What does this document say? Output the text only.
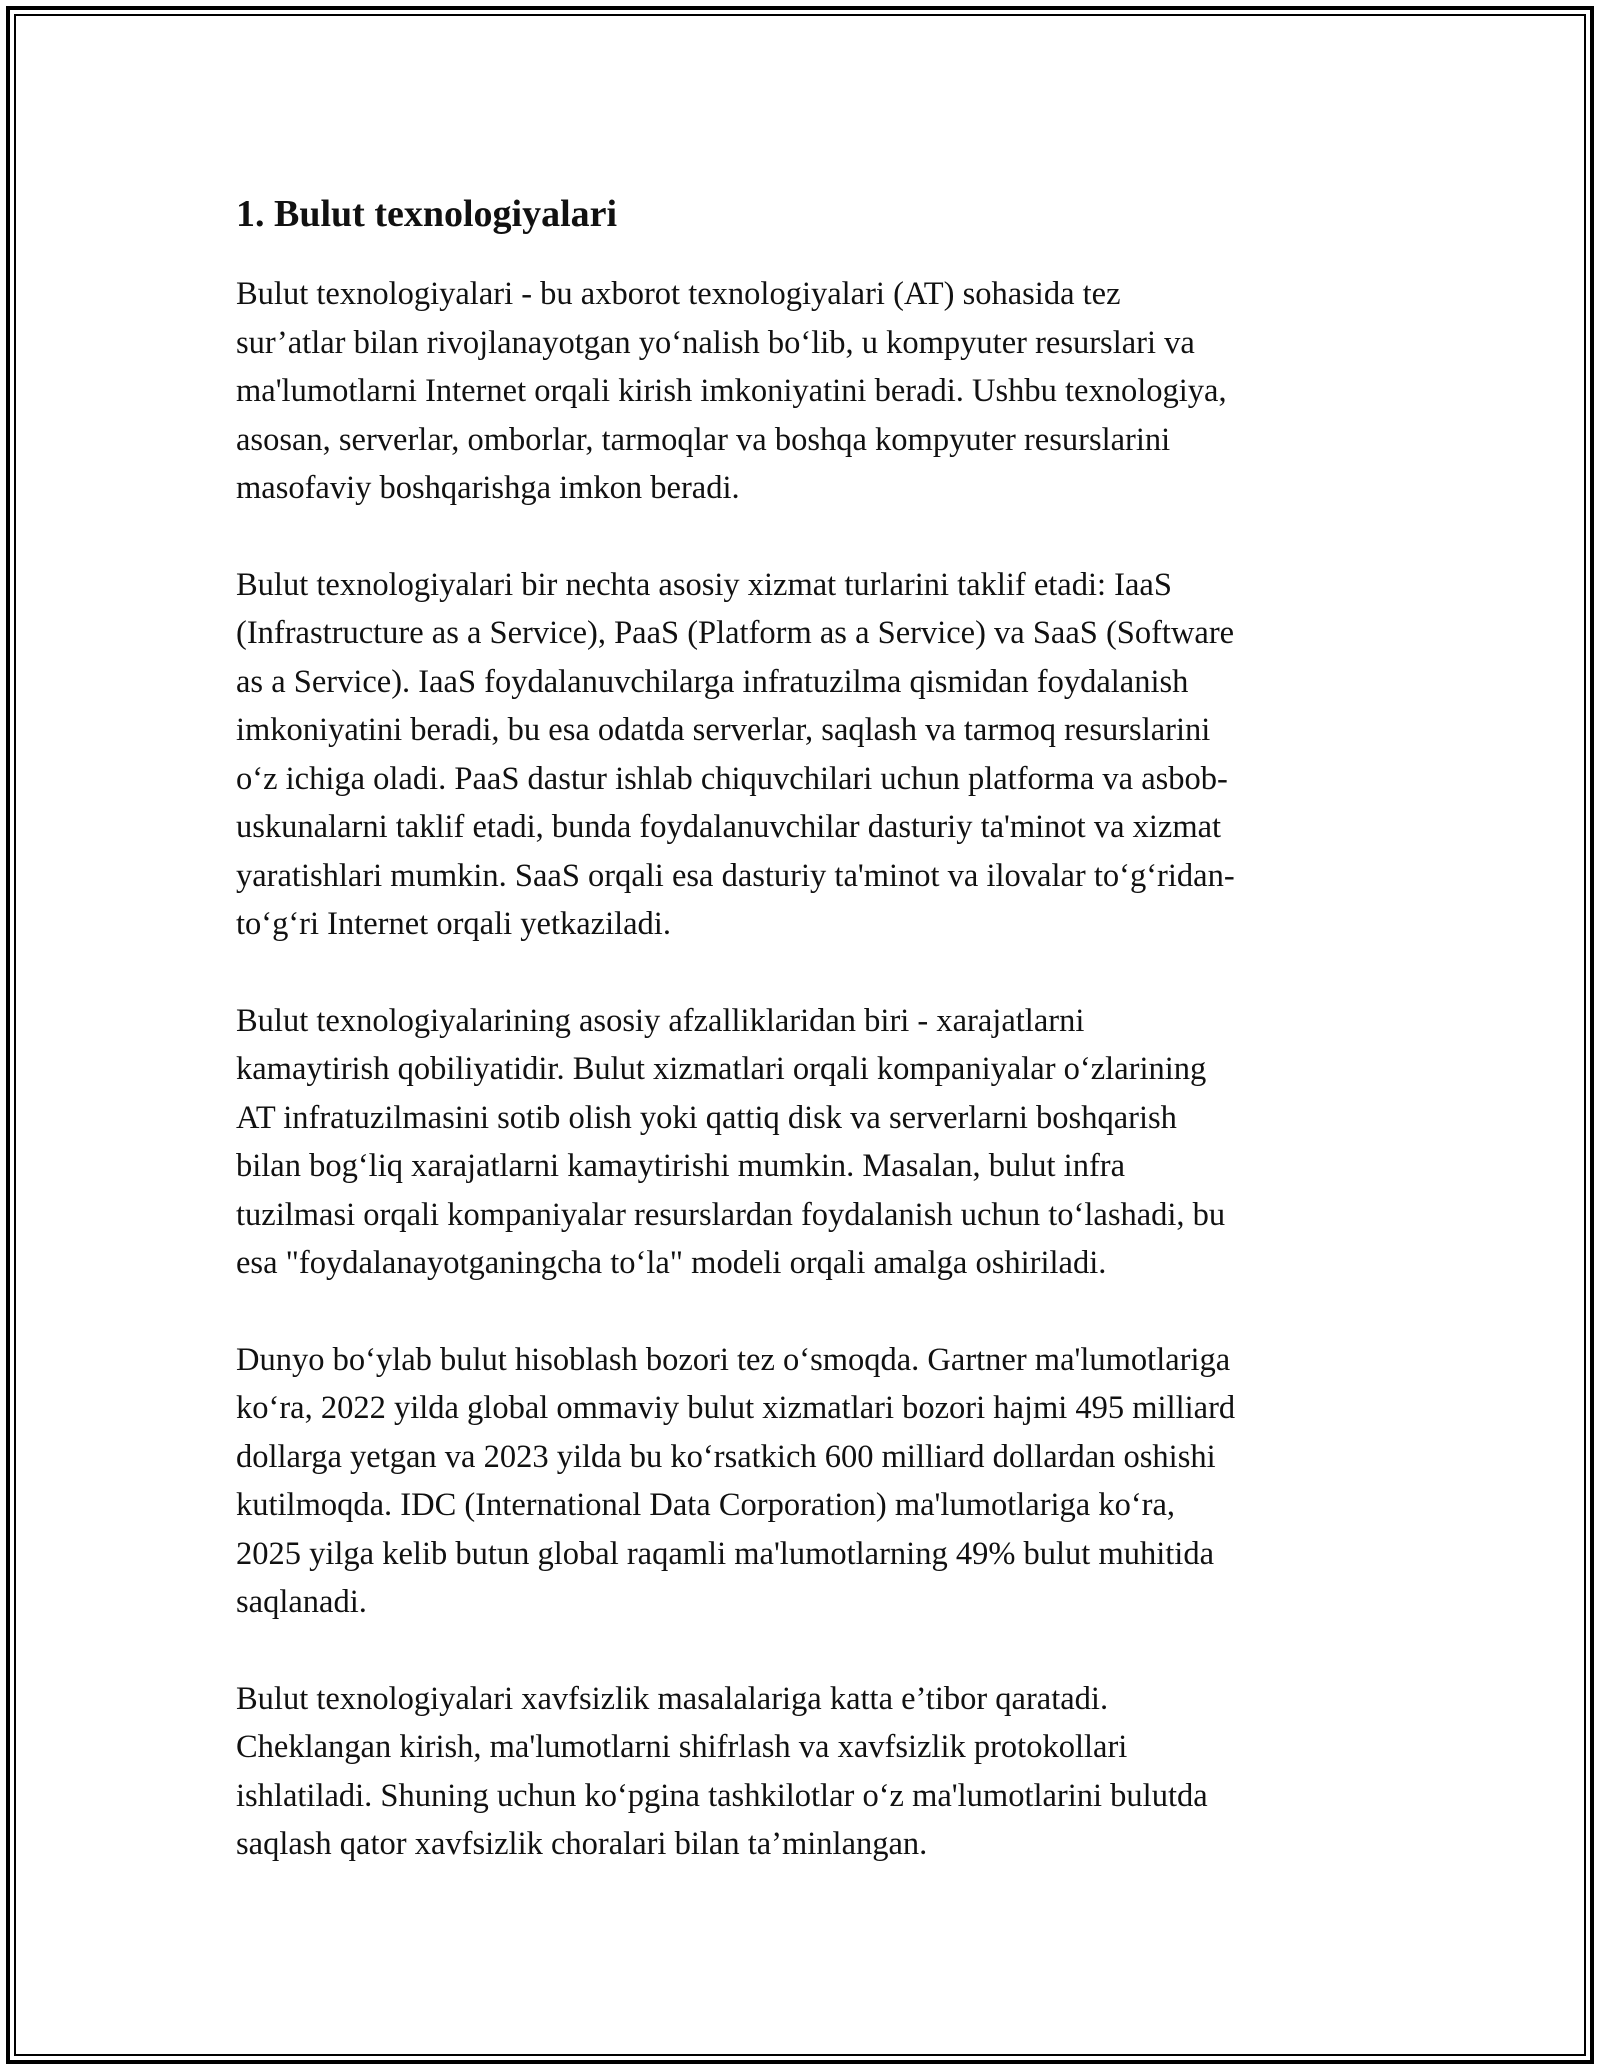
1. Bulut texnologiyalari

Bulut texnologiyalari - bu axborot texnologiyalari (AT) sohasida tez
sur’atlar bilan rivojlanayotgan yoʻnalish boʻlib, u kompyuter resurslari va
ma'lumotlarni Internet orqali kirish imkoniyatini beradi. Ushbu texnologiya,
asosan, serverlar, omborlar, tarmoqlar va boshqa kompyuter resurslarini
masofaviy boshqarishga imkon beradi.

Bulut texnologiyalari bir nechta asosiy xizmat turlarini taklif etadi: IaaS
(Infrastructure as a Service), PaaS (Platform as a Service) va SaaS (Software
as a Service). IaaS foydalanuvchilarga infratuzilma qismidan foydalanish
imkoniyatini beradi, bu esa odatda serverlar, saqlash va tarmoq resurslarini
oʻz ichiga oladi. PaaS dastur ishlab chiquvchilari uchun platforma va asbob-
uskunalarni taklif etadi, bunda foydalanuvchilar dasturiy ta'minot va xizmat
yaratishlari mumkin. SaaS orqali esa dasturiy ta'minot va ilovalar toʻgʻridan-
toʻgʻri Internet orqali yetkaziladi.

Bulut texnologiyalarining asosiy afzalliklaridan biri - xarajatlarni
kamaytirish qobiliyatidir. Bulut xizmatlari orqali kompaniyalar oʻzlarining
AT infratuzilmasini sotib olish yoki qattiq disk va serverlarni boshqarish
bilan bogʻliq xarajatlarni kamaytirishi mumkin. Masalan, bulut infra
tuzilmasi orqali kompaniyalar resurslardan foydalanish uchun toʻlashadi, bu
esa "foydalanayotganingcha toʻla" modeli orqali amalga oshiriladi.

Dunyo boʻylab bulut hisoblash bozori tez oʻsmoqda. Gartner ma'lumotlariga
koʻra, 2022 yilda global ommaviy bulut xizmatlari bozori hajmi 495 milliard
dollarga yetgan va 2023 yilda bu koʻrsatkich 600 milliard dollardan oshishi
kutilmoqda. IDC (International Data Corporation) ma'lumotlariga koʻra,
2025 yilga kelib butun global raqamli ma'lumotlarning 49% bulut muhitida
saqlanadi.

Bulut texnologiyalari xavfsizlik masalalariga katta e’tibor qaratadi.
Cheklangan kirish, ma'lumotlarni shifrlash va xavfsizlik protokollari
ishlatiladi. Shuning uchun koʻpgina tashkilotlar oʻz ma'lumotlarini bulutda
saqlash qator xavfsizlik choralari bilan ta’minlangan.
